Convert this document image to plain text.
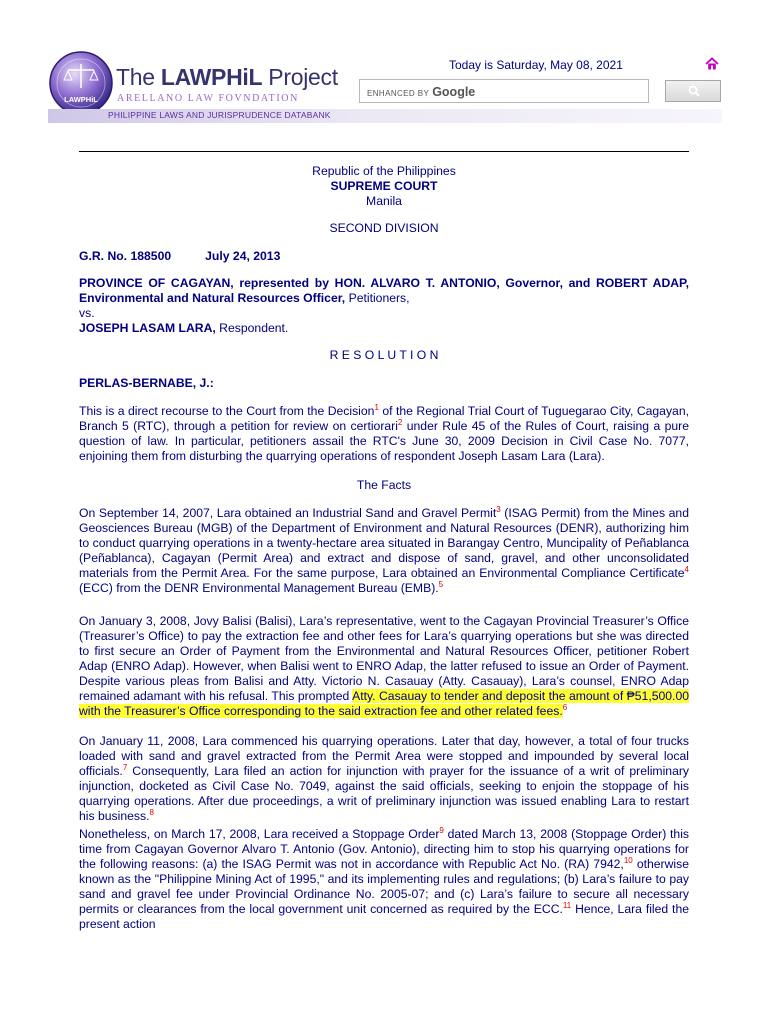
LAWPHiL
The LAWPHiL Project
ARELLANO LAW FOVNDATION
PHILIPPINE LAWS AND JURISPRUDENCE DATABANK
Today is Saturday, May 08, 2021
ENHANCED BY Google
Republic of the Philippines
SUPREME COURT
Manila
SECOND DIVISION
G.R. No. 188500	July 24, 2013
PROVINCE OF CAGAYAN, represented by HON. ALVARO T. ANTONIO, Governor, and ROBERT ADAP, Environmental and Natural Resources Officer, Petitioners,
vs.
JOSEPH LASAM LARA, Respondent.
R E S O L U T I O N
PERLAS-BERNABE, J.:
This is a direct recourse to the Court from the Decision$^1$ of the Regional Trial Court of Tuguegarao City, Cagayan, Branch 5 (RTC), through a petition for review on certiorari$^2$ under Rule 45 of the Rules of Court, raising a pure question of law. In particular, petitioners assail the RTC's June 30, 2009 Decision in Civil Case No. 7077, enjoining them from disturbing the quarrying operations of respondent Joseph Lasam Lara (Lara).
The Facts
On September 14, 2007, Lara obtained an Industrial Sand and Gravel Permit$^3$ (ISAG Permit) from the Mines and Geosciences Bureau (MGB) of the Department of Environment and Natural Resources (DENR), authorizing him to conduct quarrying operations in a twenty-hectare area situated in Barangay Centro, Muncipality of Peñablanca (Peñablanca), Cagayan (Permit Area) and extract and dispose of sand, gravel, and other unconsolidated materials from the Permit Area. For the same purpose, Lara obtained an Environmental Compliance Certificate$^4$ (ECC) from the DENR Environmental Management Bureau (EMB).$^5$
On January 3, 2008, Jovy Balisi (Balisi), Lara’s representative, went to the Cagayan Provincial Treasurer’s Office (Treasurer’s Office) to pay the extraction fee and other fees for Lara’s quarrying operations but she was directed to first secure an Order of Payment from the Environmental and Natural Resources Officer, petitioner Robert Adap (ENRO Adap). However, when Balisi went to ENRO Adap, the latter refused to issue an Order of Payment. Despite various pleas from Balisi and Atty. Victorio N. Casauay (Atty. Casauay), Lara’s counsel, ENRO Adap remained adamant with his refusal. This prompted Atty. Casauay to tender and deposit the amount of ₱51,500.00 with the Treasurer’s Office corresponding to the said extraction fee and other related fees.$^6$
On January 11, 2008, Lara commenced his quarrying operations. Later that day, however, a total of four trucks loaded with sand and gravel extracted from the Permit Area were stopped and impounded by several local officials.$^7$ Consequently, Lara filed an action for injunction with prayer for the issuance of a writ of preliminary injunction, docketed as Civil Case No. 7049, against the said officials, seeking to enjoin the stoppage of his quarrying operations. After due proceedings, a writ of preliminary injunction was issued enabling Lara to restart his business.$^8$
Nonetheless, on March 17, 2008, Lara received a Stoppage Order$^9$ dated March 13, 2008 (Stoppage Order) this time from Cagayan Governor Alvaro T. Antonio (Gov. Antonio), directing him to stop his quarrying operations for the following reasons: (a) the ISAG Permit was not in accordance with Republic Act No. (RA) 7942,10 otherwise known as the "Philippine Mining Act of 1995," and its implementing rules and regulations; (b) Lara’s failure to pay sand and gravel fee under Provincial Ordinance No. 2005-07; and (c) Lara’s failure to secure all necessary permits or clearances from the local government unit concerned as required by the ECC.$^{11}$ Hence, Lara filed the present action
